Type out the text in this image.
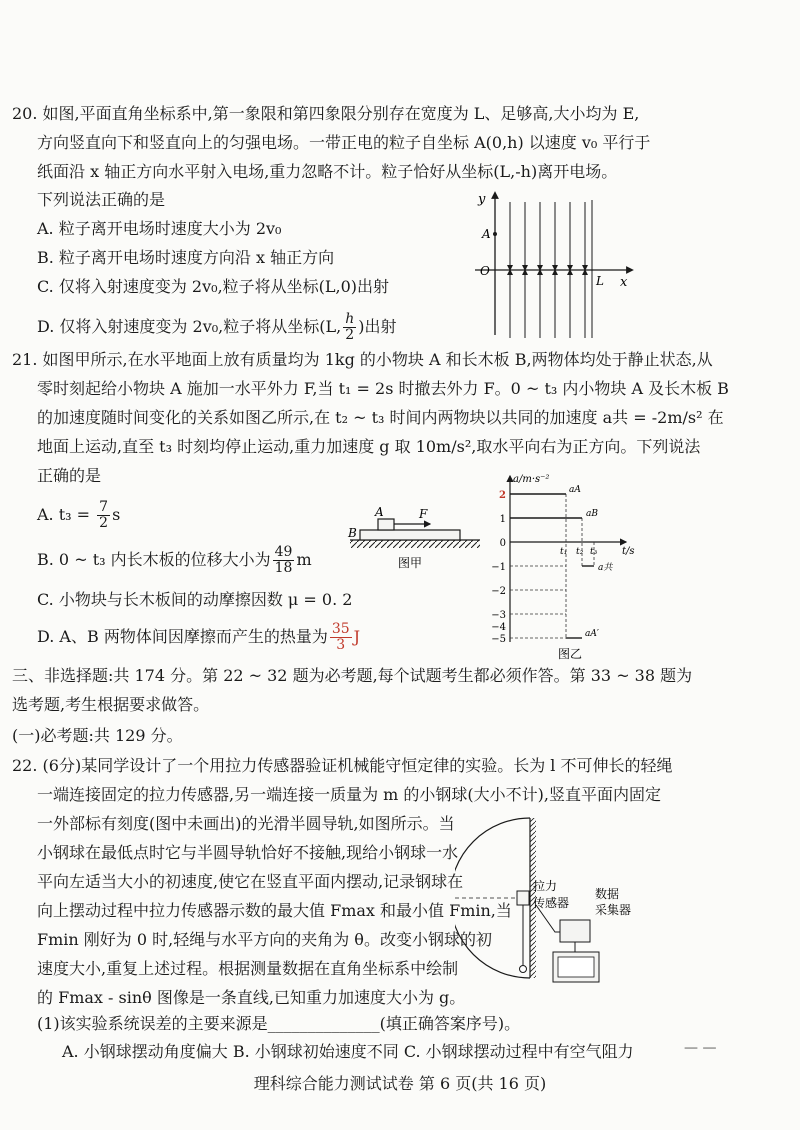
20. 如图,平面直角坐标系中,第一象限和第四象限分别存在宽度为 L、足够高,大小均为 E,
方向竖直向下和竖直向上的匀强电场。一带正电的粒子自坐标 A(0,h) 以速度 v₀ 平行于
纸面沿 x 轴正方向水平射入电场,重力忽略不计。粒子恰好从坐标(L,-h)离开电场。
下列说法正确的是
A. 粒子离开电场时速度大小为 2v₀
B. 粒子离开电场时速度方向沿 x 轴正方向
C. 仅将入射速度变为 2v₀,粒子将从坐标(L,0)出射
D. 仅将入射速度变为 2v₀,粒子将从坐标(L, $\frac{h}{2}$ )出射
y
x
A
O
L
21. 如图甲所示,在水平地面上放有质量均为 1kg 的小物块 A 和长木板 B,两物体均处于静止状态,从
零时刻起给小物块 A 施加一水平外力 F,当 t₁ = 2s 时撤去外力 F。0 ~ t₃ 内小物块 A 及长木板 B
的加速度随时间变化的关系如图乙所示,在 t₂ ~ t₃ 时间内两物块以共同的加速度 a共 = -2m/s² 在
地面上运动,直至 t₃ 时刻均停止运动,重力加速度 g 取 10m/s²,取水平向右为正方向。下列说法
正确的是
A. $t_3 = \frac{7}{2}$ s
B. 0 ~ t₃ 内长木板的位移大小为 $\frac{49}{18}$ m
C. 小物块与长木板间的动摩擦因数 μ = 0. 2
D. A、B 两物体间因摩擦而产生的热量为 $\frac{35}{3}$ J
A
B
F
图甲
a/m·s⁻²
t/s
2
1
0
−1
−2
−3
−4
−5
t₁ t₂ t₃
aA
aB
a共
aA′
图乙
三、非选择题:共 174 分。第 22 ~ 32 题为必考题,每个试题考生都必须作答。第 33 ~ 38 题为
选考题,考生根据要求做答。
(一)必考题:共 129 分。
22. (6分)某同学设计了一个用拉力传感器验证机械能守恒定律的实验。长为 l 不可伸长的轻绳
一端连接固定的拉力传感器,另一端连接一质量为 m 的小钢球(大小不计),竖直平面内固定
一外部标有刻度(图中未画出)的光滑半圆导轨,如图所示。当
小钢球在最低点时它与半圆导轨恰好不接触,现给小钢球一水
平向左适当大小的初速度,使它在竖直平面内摆动,记录钢球在
向上摆动过程中拉力传感器示数的最大值 Fmax 和最小值 Fmin,当
Fmin 刚好为 0 时,轻绳与水平方向的夹角为 θ。改变小钢球的初
速度大小,重复上述过程。根据测量数据在直角坐标系中绘制
的 Fmax - sinθ 图像是一条直线,已知重力加速度大小为 g。
(1)该实验系统误差的主要来源是______________(填正确答案序号)。
A. 小钢球摆动角度偏大 B. 小钢球初始速度不同 C. 小钢球摆动过程中有空气阻力
拉力
传感器
数据
采集器
— —
理科综合能力测试试卷 第 6 页(共 16 页)
